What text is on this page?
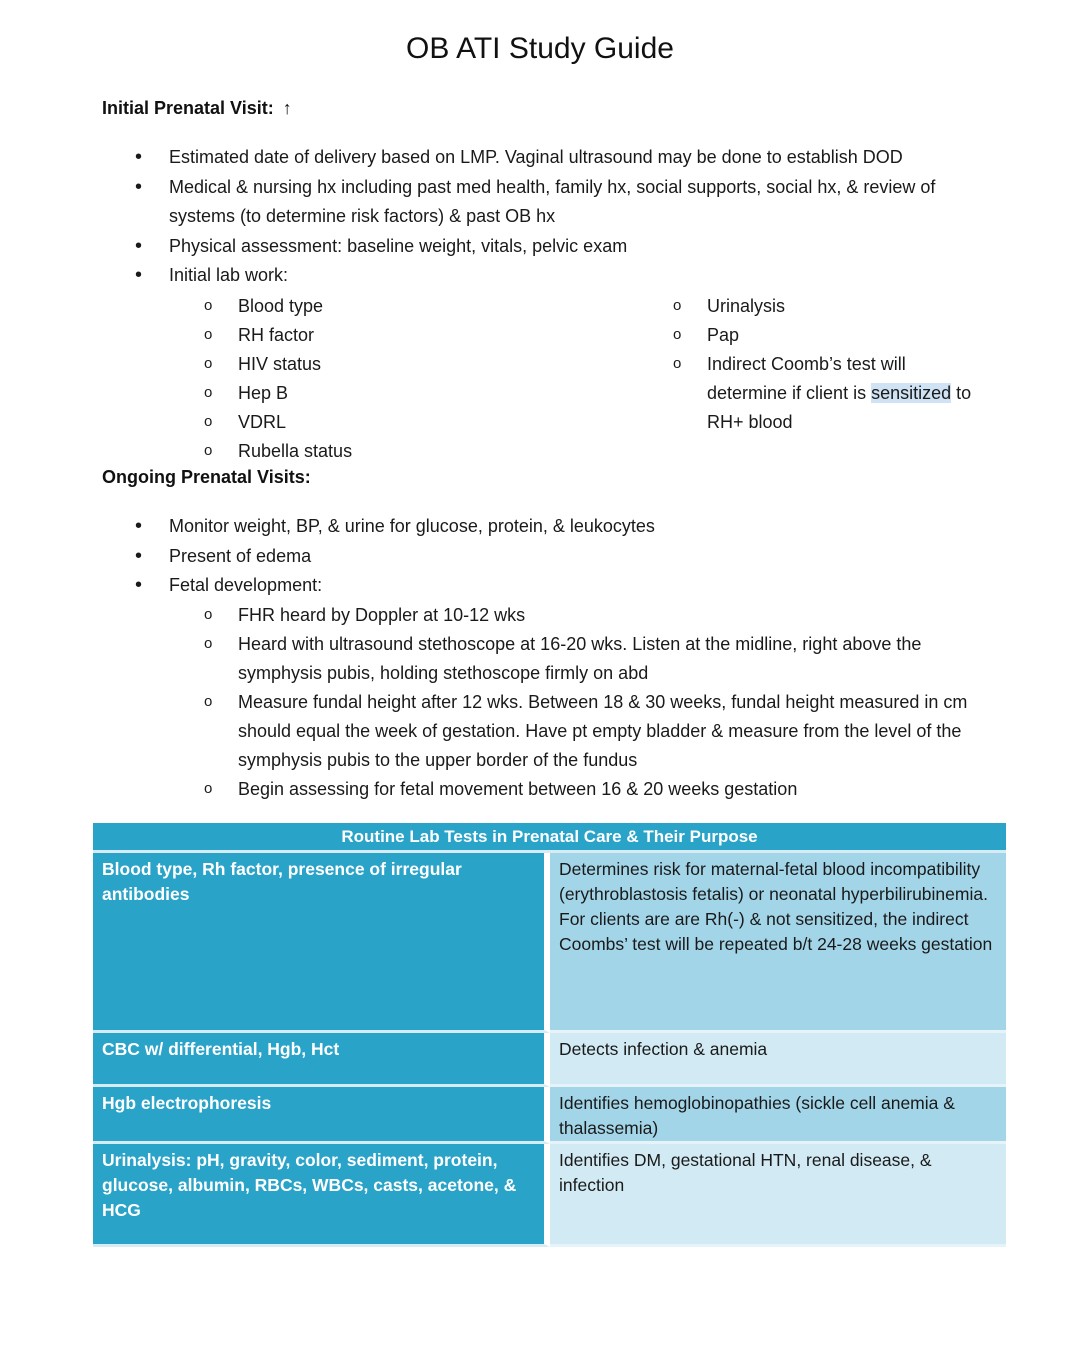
OB ATI Study Guide
Initial Prenatal Visit: ↑
• Estimated date of delivery based on LMP. Vaginal ultrasound may be done to establish DOD
• Medical & nursing hx including past med health, family hx, social supports, social hx, & review of systems (to determine risk factors) & past OB hx
• Physical assessment: baseline weight, vitals, pelvic exam
• Initial lab work:
o Blood type
o RH factor
o HIV status
o Hep B
o VDRL
o Rubella status
o Urinalysis
o Pap
o Indirect Coomb’s test will determine if client is sensitized to RH+ blood
Ongoing Prenatal Visits:
• Monitor weight, BP, & urine for glucose, protein, & leukocytes
• Present of edema
• Fetal development:
o FHR heard by Doppler at 10-12 wks
o Heard with ultrasound stethoscope at 16-20 wks. Listen at the midline, right above the symphysis pubis, holding stethoscope firmly on abd
o Measure fundal height after 12 wks. Between 18 & 30 weeks, fundal height measured in cm should equal the week of gestation. Have pt empty bladder & measure from the level of the symphysis pubis to the upper border of the fundus
o Begin assessing for fetal movement between 16 & 20 weeks gestation
Routine Lab Tests in Prenatal Care & Their Purpose	
Blood type, Rh factor, presence of irregular antibodies	Determines risk for maternal-fetal blood incompatibility (erythroblastosis fetalis) or neonatal hyperbilirubinemia.
For clients are are Rh(-) & not sensitized, the indirect Coombs’ test will be repeated b/t 24-28 weeks gestation

CBC w/ differential, Hgb, Hct	Detects infection & anemia
Hgb electrophoresis	Identifies hemoglobinopathies (sickle cell anemia & thalassemia)
Urinalysis: pH, gravity, color, sediment, protein, glucose, albumin, RBCs, WBCs, casts, acetone, & HCG	Identifies DM, gestational HTN, renal disease, & infection
